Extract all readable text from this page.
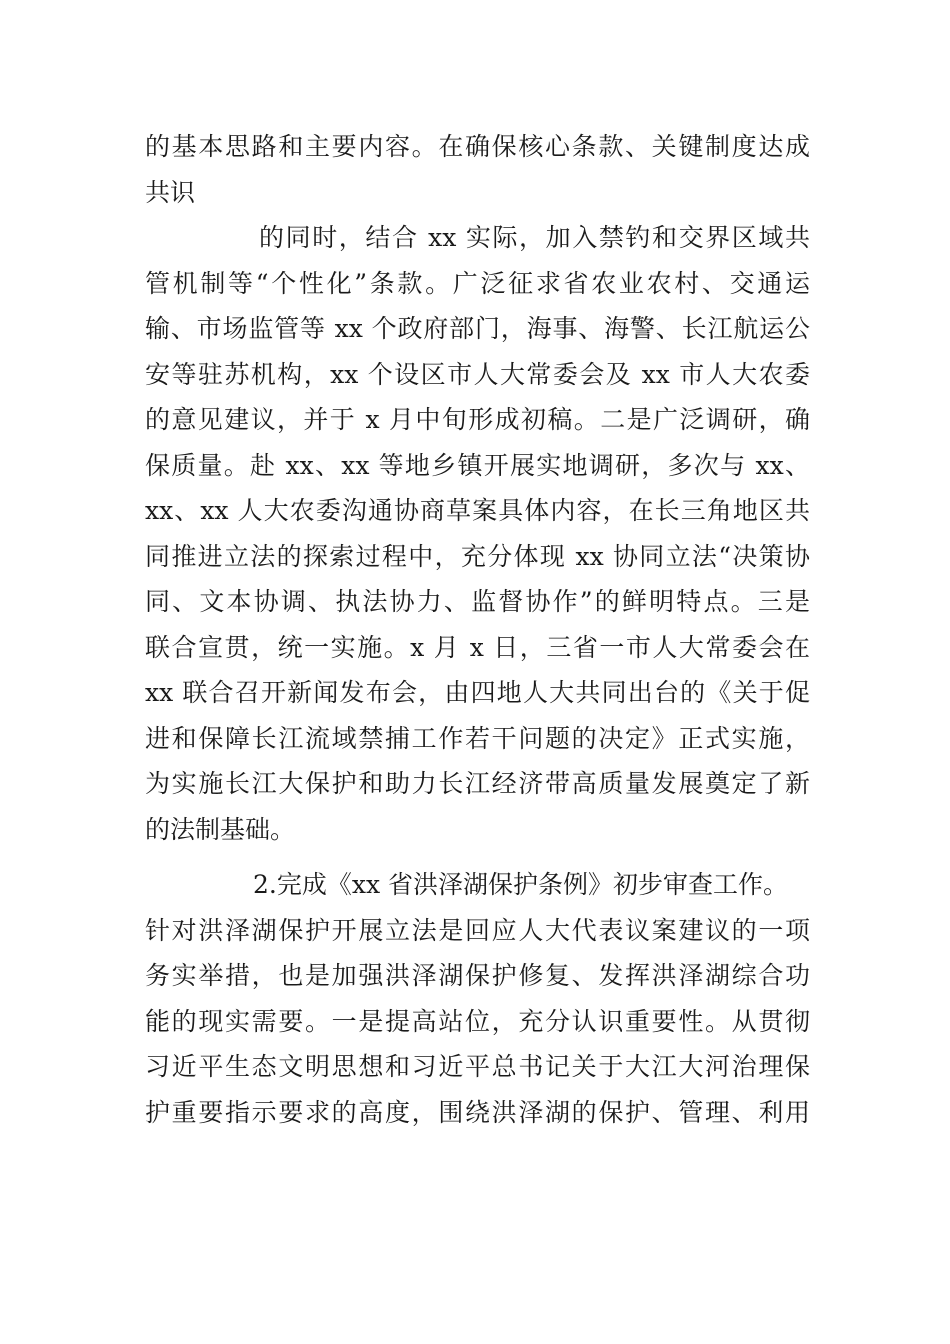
的基本思路和主要内容。在确保核心条款、关键制度达成
共识
的同时，结合 xx 实际，加入禁钓和交界区域共
管机制等“个性化”条款。广泛征求省农业农村、交通运
输、市场监管等 xx 个政府部门，海事、海警、长江航运公
安等驻苏机构，xx 个设区市人大常委会及 xx 市人大农委
的意见建议，并于 x 月中旬形成初稿。二是广泛调研，确
保质量。赴 xx、xx 等地乡镇开展实地调研，多次与 xx、
xx、xx 人大农委沟通协商草案具体内容，在长三角地区共
同推进立法的探索过程中，充分体现 xx 协同立法“决策协
同、文本协调、执法协力、监督协作”的鲜明特点。三是
联合宣贯，统一实施。x 月 x 日，三省一市人大常委会在
xx 联合召开新闻发布会，由四地人大共同出台的《关于促
进和保障长江流域禁捕工作若干问题的决定》正式实施，
为实施长江大保护和助力长江经济带高质量发展奠定了新
的法制基础。
2.完成《xx 省洪泽湖保护条例》初步审查工作。
针对洪泽湖保护开展立法是回应人大代表议案建议的一项
务实举措，也是加强洪泽湖保护修复、发挥洪泽湖综合功
能的现实需要。一是提高站位，充分认识重要性。从贯彻
习近平生态文明思想和习近平总书记关于大江大河治理保
护重要指示要求的高度，围绕洪泽湖的保护、管理、利用
